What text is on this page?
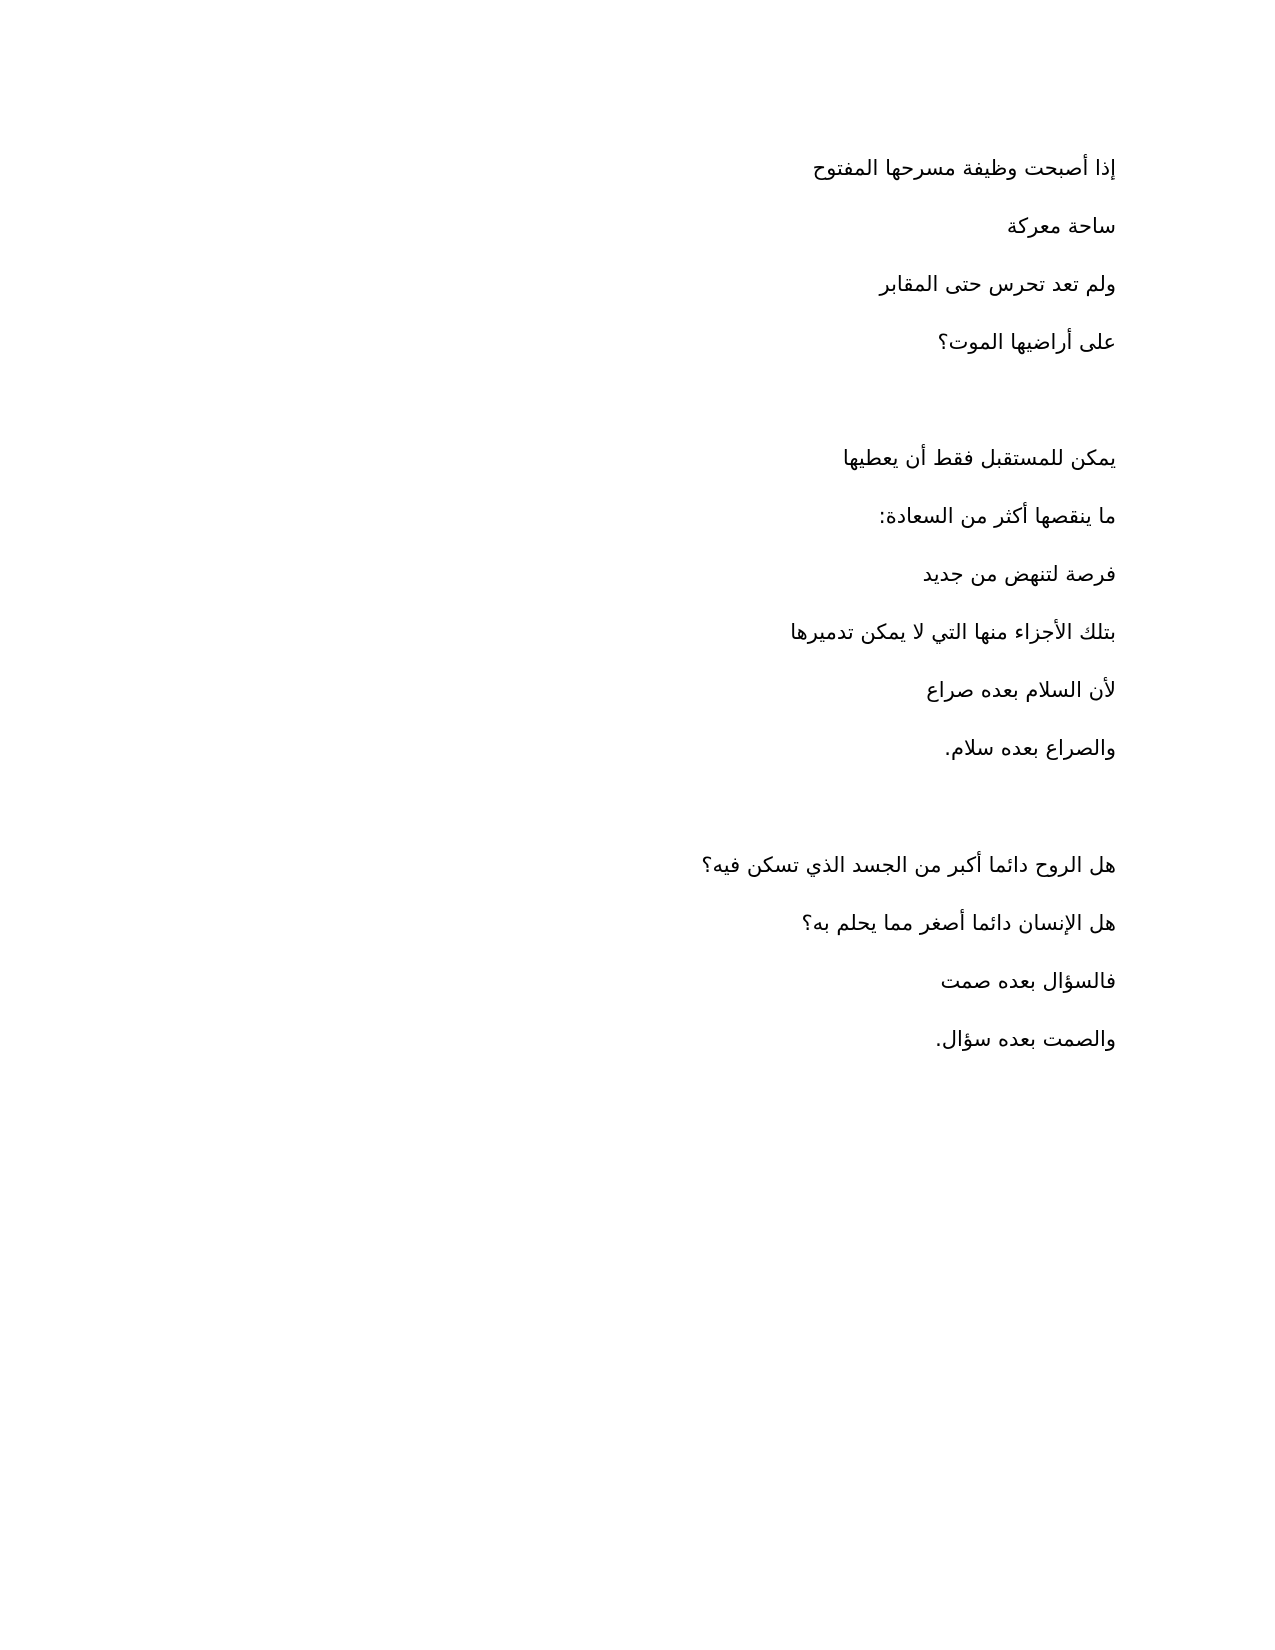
إذا أصبحت وظيفة مسرحها المفتوح
ساحة معركة
ولم تعد تحرس حتى المقابر
على أراضيها الموت؟
يمكن للمستقبل فقط أن يعطيها
ما ينقصها أكثر من السعادة:
فرصة لتنهض من جديد
بتلك الأجزاء منها التي لا يمكن تدميرها
لأن السلام بعده صراع
والصراع بعده سلام.
هل الروح دائما أكبر من الجسد الذي تسكن فيه؟
هل الإنسان دائما أصغر مما يحلم به؟
فالسؤال بعده صمت
والصمت بعده سؤال.
